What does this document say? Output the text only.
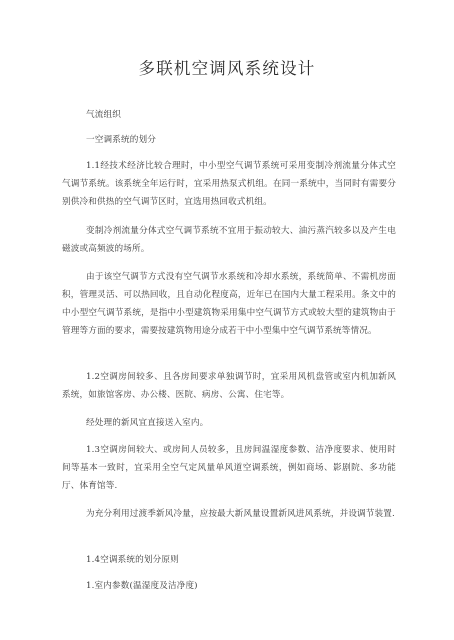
多联机空调风系统设计

气流组织

一空调系统的划分

1.1经技术经济比较合理时，中小型空气调节系统可采用变制冷剂流量分体式空气调节系统。该系统全年运行时，宜采用热泵式机组。在同一系统中，当同时有需要分别供冷和供热的空气调节区时，宜选用热回收式机组。

变制冷剂流量分体式空气调节系统不宜用于振动较大、油污蒸汽较多以及产生电磁波或高频波的场所。

由于该空气调节方式没有空气调节水系统和冷却水系统，系统简单、不需机房面积，管理灵活、可以热回收，且自动化程度高，近年已在国内大量工程采用。条文中的中小型空气调节系统，是指中小型建筑物采用集中空气调节方式或较大型的建筑物由于管理等方面的要求，需要按建筑物用途分成若干中小型集中空气调节系统等情况。

1.2空调房间较多、且各房间要求单独调节时，宜采用风机盘管或室内机加新风系统，如旅馆客房、办公楼、医院、病房、公寓、住宅等。

经处理的新风宜直接送入室内。

1.3空调房间较大、或房间人员较多，且房间温湿度参数、洁净度要求、使用时间等基本一致时，宜采用全空气定风量单风道空调系统，例如商场、影剧院、多功能厅、体育馆等.

为充分利用过渡季新风冷量，应按最大新风量设置新风进风系统，并设调节装置.

1.4空调系统的划分原则

1.室内参数(温湿度及洁净度)
